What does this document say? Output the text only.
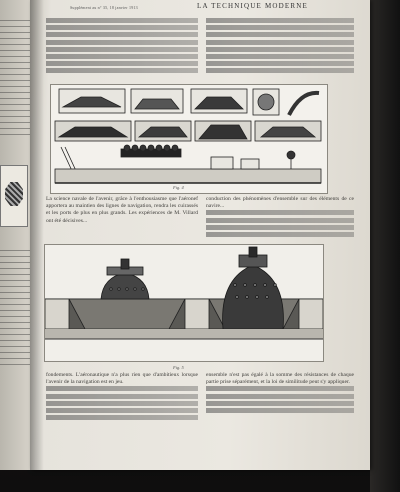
Supplément au n° 35, 18 janvier 1913	LA TECHNIQUE MODERNE
Fig. 4

La science navale de l'avenir, grâce à l'enthousiasme que l'aéronef apportera au maintien des lignes de navigation, rendra les cuirassés et les ports de plus en plus grands. Les expériences de M. Villard ont été décisives...

conduction des phénomènes d'ensemble sur des éléments de ce navire...

Fig. 5

fondements. L'aéronautique n'a plus rien que d'ambitieux lorsque l'avenir de la navigation est en jeu.

ensemble n'est pas égalé à la somme des résistances de chaque partie prise séparément, et la loi de similitude peut s'y appliquer.
